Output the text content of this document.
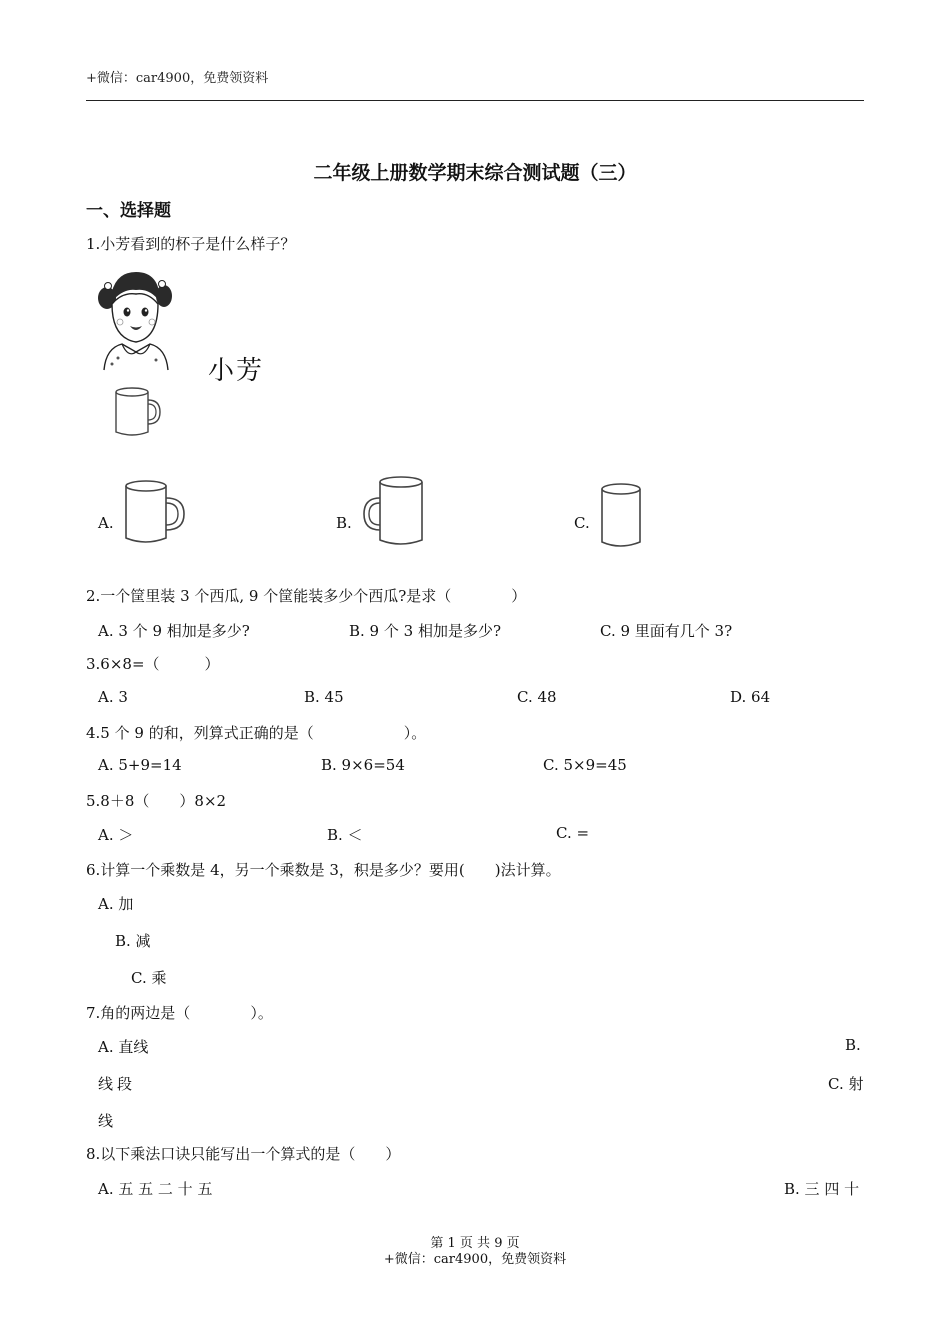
+微信：car4900，免费领资料
二年级上册数学期末综合测试题（三）
一、选择题
1.小芳看到的杯子是什么样子？
小芳
A.	B.	C.
2.一个筐里装 3 个西瓜, 9 个筐能装多少个西瓜?是求（　　　　）
A. 3 个 9 相加是多少?	B. 9 个 3 相加是多少?	C. 9 里面有几个 3?
3.6×8=（　　　）
A. 3	B. 45	C. 48	D. 64
4.5 个 9 的和，列算式正确的是（　　　　　　）。
A. 5+9=14	B. 9×6=54	C. 5×9=45
5.8＋8（　　）8×2
A. ＞	B. ＜	C. =
6.计算一个乘数是 4，另一个乘数是 3，积是多少？要用(　　)法计算。
A. 加
B. 减
C. 乘
7.角的两边是（　　　　）。
A. 直线	B.
线段	C. 射
线
8.以下乘法口诀只能写出一个算式的是（　　）
A. 五 五 二 十 五	B. 三 四 十
第 1 页 共 9 页
+微信：car4900，免费领资料
